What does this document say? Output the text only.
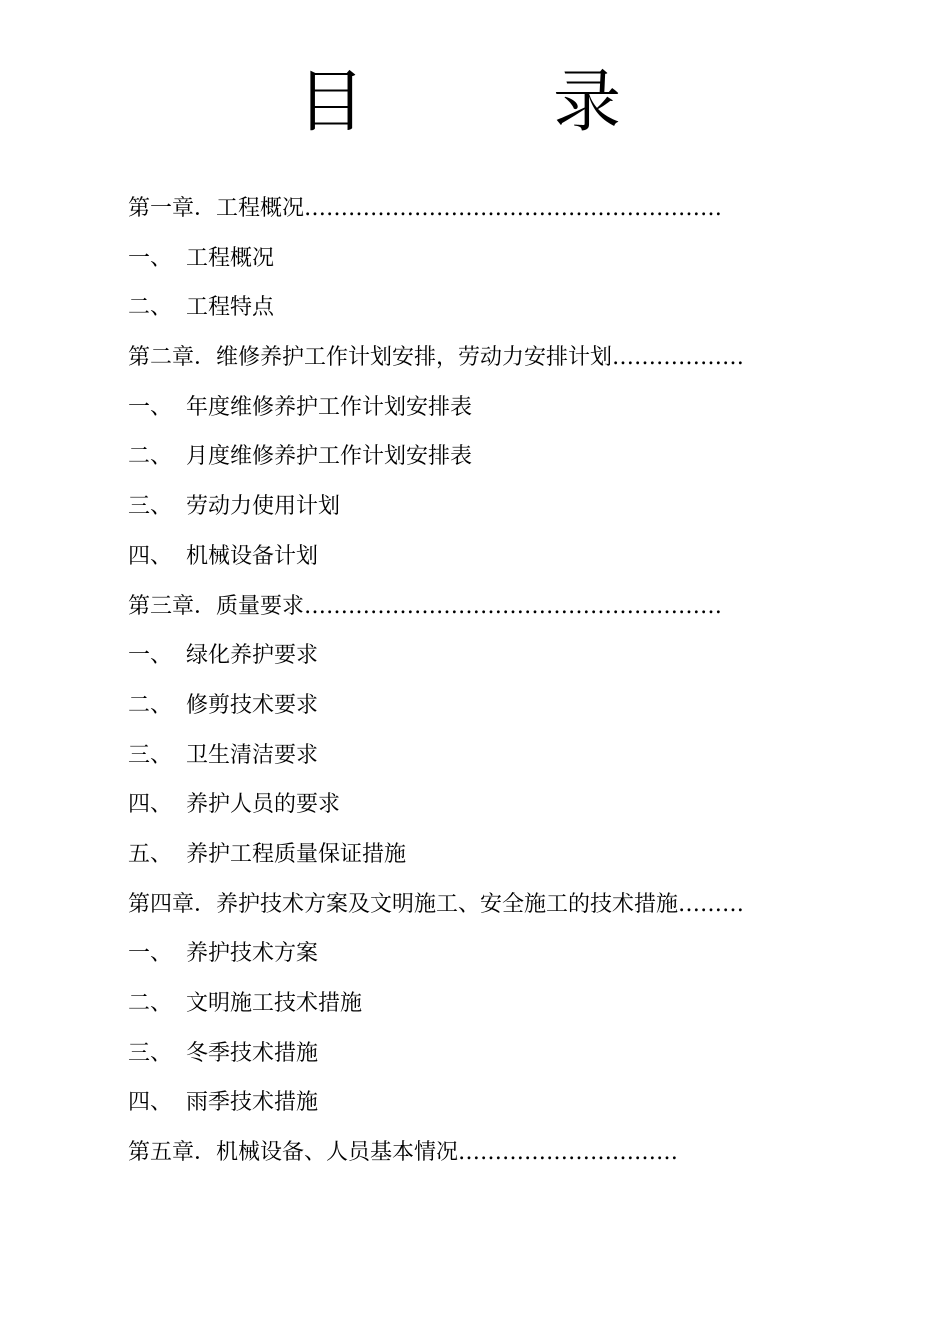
目　录
第一章．工程概况…………………………………………………
一、 工程概况
二、 工程特点
第二章．维修养护工作计划安排，劳动力安排计划………………
一、 年度维修养护工作计划安排表
二、 月度维修养护工作计划安排表
三、 劳动力使用计划
四、 机械设备计划
第三章．质量要求…………………………………………………
一、 绿化养护要求
二、 修剪技术要求
三、 卫生清洁要求
四、 养护人员的要求
五、 养护工程质量保证措施
第四章．养护技术方案及文明施工、安全施工的技术措施………
一、 养护技术方案
二、 文明施工技术措施
三、 冬季技术措施
四、 雨季技术措施
第五章．机械设备、人员基本情况…………………………
